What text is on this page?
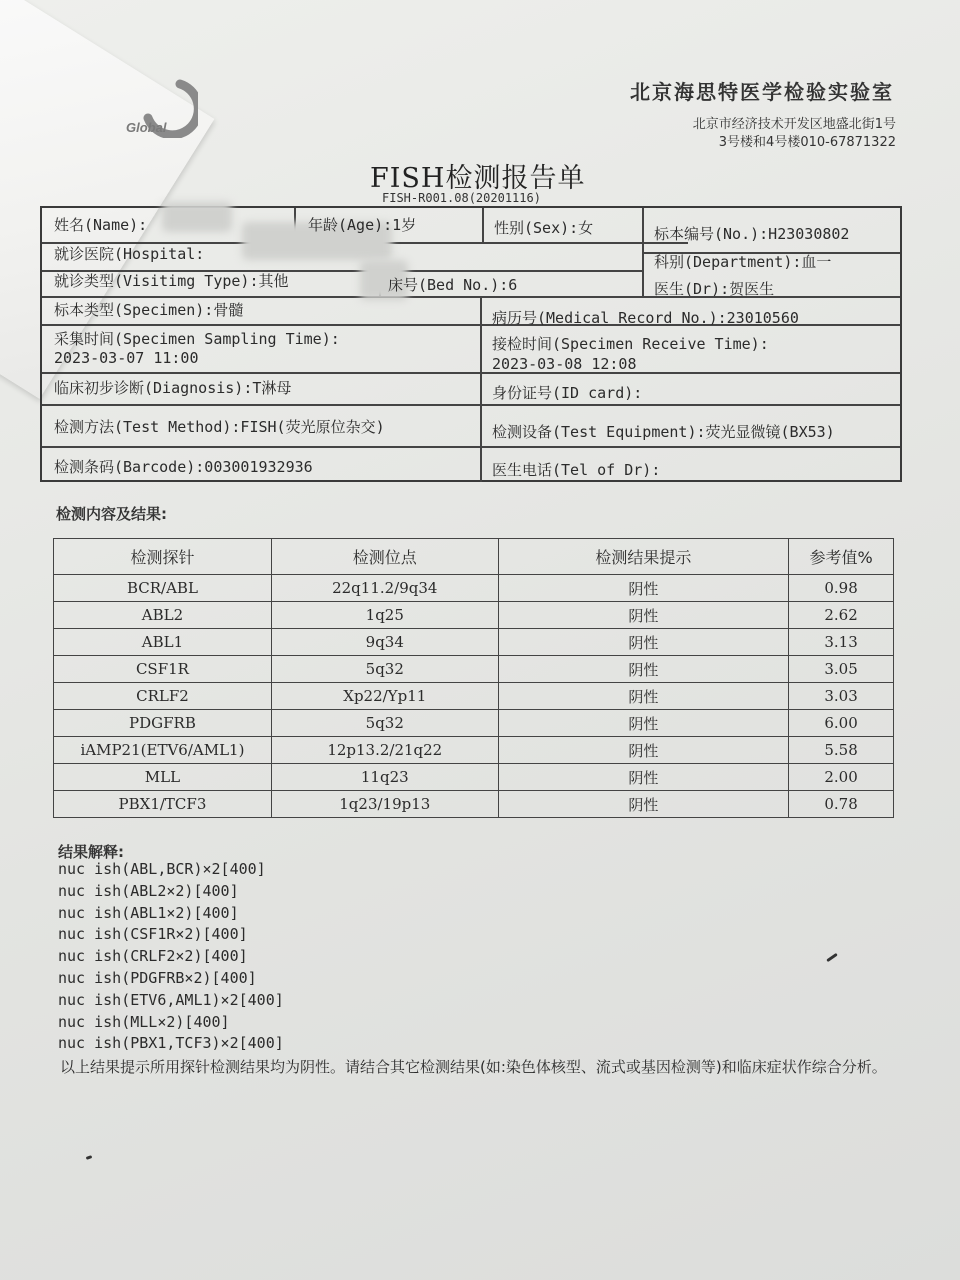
Global
北京海思特医学检验实验室
北京市经济技术开发区地盛北街1号
3号楼和4号楼010-67871322
FISH检测报告单
FISH-R001.08(20201116)
姓名(Name):	年龄(Age):1岁	性别(Sex):女	标本编号(No.):H23030802
就诊医院(Hospital:	科别(Department):血一
就诊类型(Visitimg Type):其他	床号(Bed No.):6	医生(Dr):贺医生
标本类型(Specimen):骨髓	病历号(Medical Record No.):23010560
采集时间(Specimen Sampling Time):
2023-03-07 11:00
接检时间(Specimen Receive Time):
2023-03-08 12:08
临床初步诊断(Diagnosis):T淋母	身份证号(ID card):
检测方法(Test Method):FISH(荧光原位杂交)	检测设备(Test Equipment):荧光显微镜(BX53)
检测条码(Barcode):003001932936	医生电话(Tel of Dr):
检测内容及结果:
检测探针	检测位点	检测结果提示	参考值%
BCR/ABL	22q11.2/9q34	阴性	0.98
ABL2	1q25	阴性	2.62
ABL1	9q34	阴性	3.13
CSF1R	5q32	阴性	3.05
CRLF2	Xp22/Yp11	阴性	3.03
PDGFRB	5q32	阴性	6.00
iAMP21(ETV6/AML1)	12p13.2/21q22	阴性	5.58
MLL	11q23	阴性	2.00
PBX1/TCF3	1q23/19p13	阴性	0.78
结果解释:
nuc ish(ABL,BCR)×2[400]
nuc ish(ABL2×2)[400]
nuc ish(ABL1×2)[400]
nuc ish(CSF1R×2)[400]
nuc ish(CRLF2×2)[400]
nuc ish(PDGFRB×2)[400]
nuc ish(ETV6,AML1)×2[400]
nuc ish(MLL×2)[400]
nuc ish(PBX1,TCF3)×2[400]
以上结果提示所用探针检测结果均为阴性。请结合其它检测结果(如:染色体核型、流式或基因检测等)和临床症状作综合分析。
